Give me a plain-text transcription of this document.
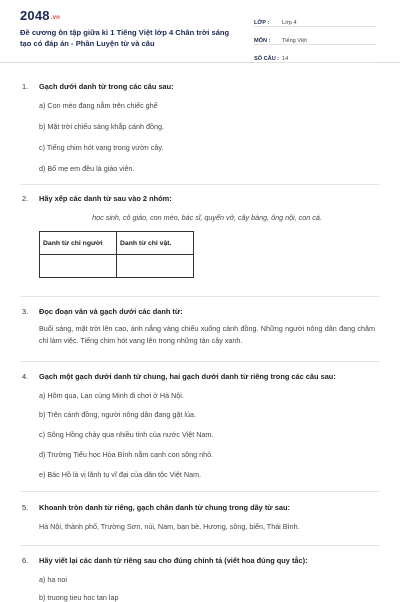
2048.vn
Đề cương ôn tập giữa kì 1 Tiếng Việt lớp 4 Chân trời sáng tạo có đáp án - Phần Luyện từ và câu
LỚP :	Lớp 4
MÔN :	Tiếng Việt
SỐ CÂU : 14
1. Gạch dưới danh từ trong các câu sau:
a) Con mèo đang nằm trên chiếc ghế
b) Mặt trời chiếu sáng khắp cánh đồng.
c) Tiếng chim hót vang trong vườn cây.
d) Bố mẹ em đều là giáo viên.
2. Hãy xếp các danh từ sau vào 2 nhóm:
học sinh, cô giáo, con mèo, bác sĩ, quyển vở, cây bàng, ông nội, con cá.
Danh từ chỉ người	Danh từ chỉ vật.

3. Đọc đoạn văn và gạch dưới các danh từ:
Buổi sáng, mặt trời lên cao, ánh nắng vàng chiếu xuống cánh đồng. Những người nông dân đang chăm chỉ làm việc. Tiếng chim hót vang lên trong những tán cây xanh.
4. Gạch một gạch dưới danh từ chung, hai gạch dưới danh từ riêng trong các câu sau:
a) Hôm qua, Lan cùng Minh đi chơi ở Hà Nội.
b) Trên cánh đồng, người nông dân đang gặt lúa.
c) Sông Hồng chảy qua nhiều tỉnh của nước Việt Nam.
d) Trường Tiểu học Hòa Bình nằm cạnh con sông nhỏ.
e) Bác Hồ là vị lãnh tụ vĩ đại của dân tộc Việt Nam.
5. Khoanh tròn danh từ riêng, gạch chân danh từ chung trong dãy từ sau:
Hà Nội, thành phố, Trường Sơn, núi, Nam, bạn bè, Hương, sông, biển, Thái Bình.
6. Hãy viết lại các danh từ riêng sau cho đúng chính tả (viết hoa đúng quy tắc):
a) ha noi
b) truong tieu hoc tan lap
